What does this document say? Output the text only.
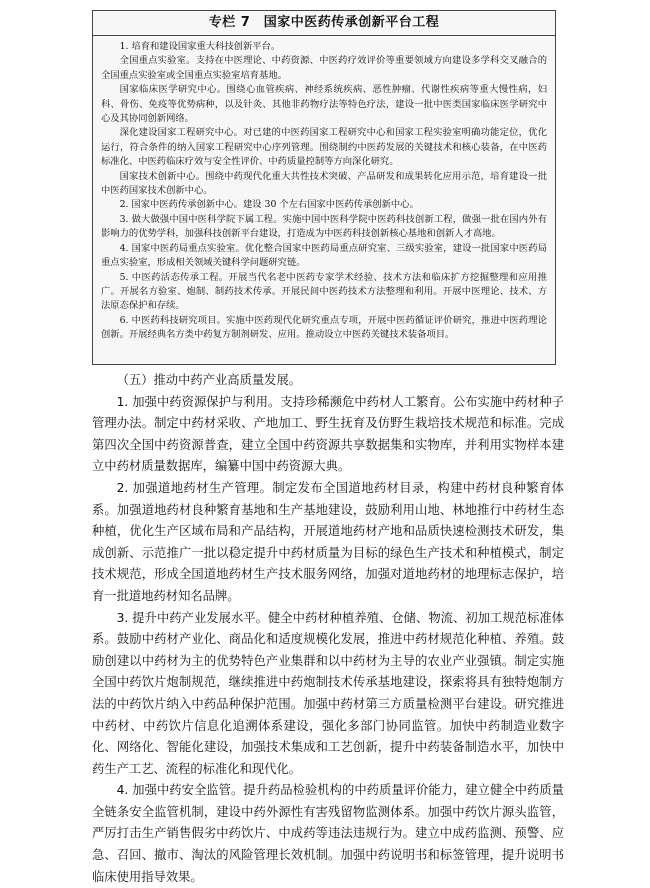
专栏 7　国家中医药传承创新平台工程

1. 培育和建设国家重大科技创新平台。

全国重点实验室。支持在中医理论、中药资源、中医药疗效评价等重要领域方向建设多学科交叉融合的全国重点实验室或全国重点实验室培育基地。

国家临床医学研究中心。围绕心血管疾病、神经系统疾病、恶性肿瘤、代谢性疾病等重大慢性病，妇科、骨伤、免疫等优势病种，以及针灸、其他非药物疗法等特色疗法，建设一批中医类国家临床医学研究中心及其协同创新网络。

深化建设国家工程研究中心。对已建的中医药国家工程研究中心和国家工程实验室明确功能定位，优化运行，符合条件的纳入国家工程研究中心序列管理。围绕制约中医药发展的关键技术和核心装备，在中医药标准化、中医药临床疗效与安全性评价、中药质量控制等方向深化研究。

国家技术创新中心。围绕中药现代化重大共性技术突破、产品研发和成果转化应用示范，培育建设一批中医药国家技术创新中心。

2. 国家中医药传承创新中心。建设 30 个左右国家中医药传承创新中心。

3. 做大做强中国中医科学院下属工程。实施中国中医科学院中医药科技创新工程，做强一批在国内外有影响力的优势学科，加强科技创新平台建设，打造成为中医药科技创新核心基地和创新人才高地。

4. 国家中医药局重点实验室。优化整合国家中医药局重点研究室、三级实验室，建设一批国家中医药局重点实验室，形成相关领域关键科学问题研究链。

5. 中医药活态传承工程。开展当代名老中医药专家学术经验、技术方法和临床扩方挖掘整理和应用推广。开展名方验室、炮制、制药技术传承。开展民间中医药技术方法整理和利用。开展中医理论、技术、方法原态保护和存续。

6. 中医药科技研究项目。实施中医药现代化研究重点专项，开展中医药循证评价研究，推进中医药理论创新。开展经典名方类中药复方制剂研发、应用。推动设立中医药关键技术装备项目。

（五）推动中药产业高质量发展。

1. 加强中药资源保护与利用。支持珍稀濒危中药材人工繁育。公布实施中药材种子管理办法。制定中药材采收、产地加工、野生抚育及仿野生栽培技术规范和标准。完成第四次全国中药资源普查，建立全国中药资源共享数据集和实物库，并利用实物样本建立中药材质量数据库，编纂中国中药资源大典。

2. 加强道地药材生产管理。制定发布全国道地药材目录，构建中药材良种繁育体系。加强道地药材良种繁育基地和生产基地建设，鼓励利用山地、林地推行中药材生态种植，优化生产区域布局和产品结构，开展道地药材产地和品质快速检测技术研发，集成创新、示范推广一批以稳定提升中药材质量为目标的绿色生产技术和种植模式，制定技术规范，形成全国道地药材生产技术服务网络，加强对道地药材的地理标志保护，培育一批道地药材知名品牌。

3. 提升中药产业发展水平。健全中药材种植养殖、仓储、物流、初加工规范标准体系。鼓励中药材产业化、商品化和适度规模化发展，推进中药材规范化种植、养殖。鼓励创建以中药材为主的优势特色产业集群和以中药材为主导的农业产业强镇。制定实施全国中药饮片炮制规范，继续推进中药炮制技术传承基地建设，探索将具有独特炮制方法的中药饮片纳入中药品种保护范围。加强中药材第三方质量检测平台建设。研究推进中药材、中药饮片信息化追溯体系建设，强化多部门协同监管。加快中药制造业数字化、网络化、智能化建设，加强技术集成和工艺创新，提升中药装备制造水平，加快中药生产工艺、流程的标准化和现代化。

4. 加强中药安全监管。提升药品检验机构的中药质量评价能力，建立健全中药质量全链条安全监管机制，建设中药外源性有害残留物监测体系。加强中药饮片源头监管，严厉打击生产销售假劣中药饮片、中成药等违法违规行为。建立中成药监测、预警、应急、召回、撤市、淘汰的风险管理长效机制。加强中药说明书和标签管理，提升说明书临床使用指导效果。
